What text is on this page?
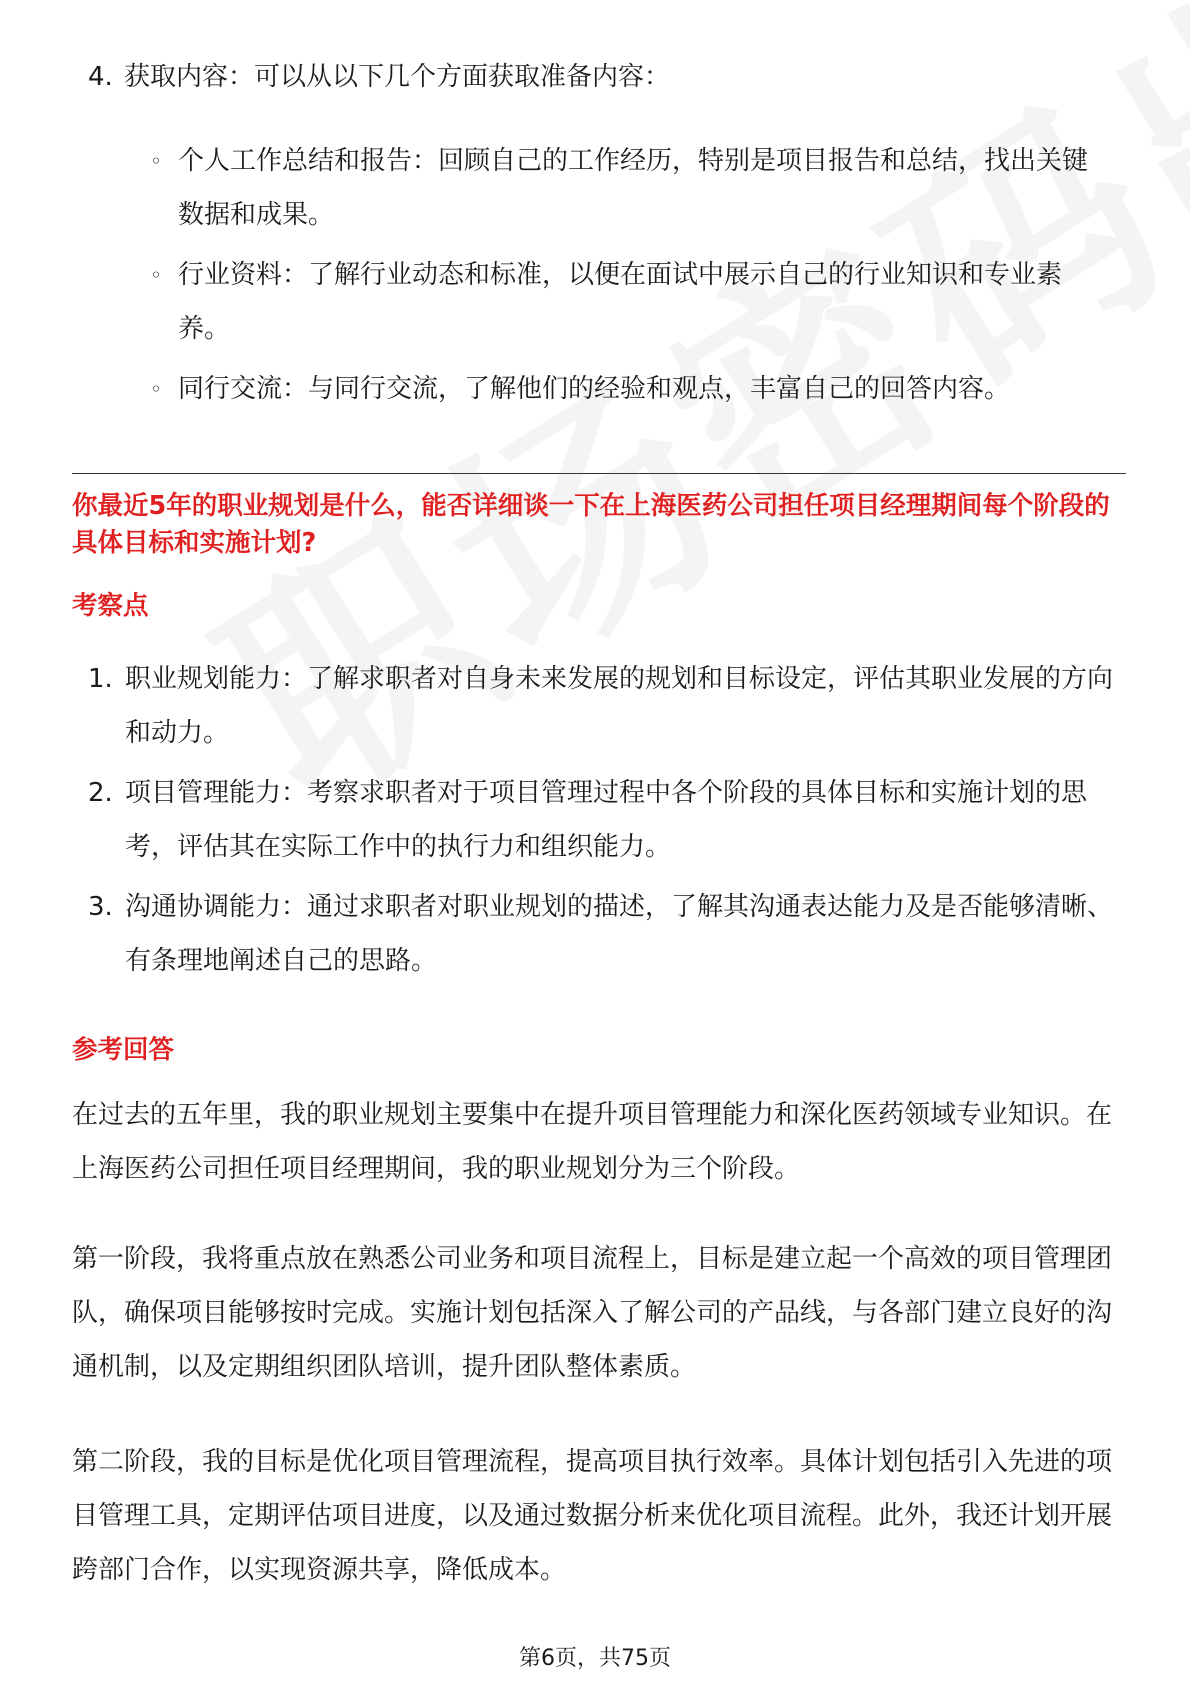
4. 获取内容：可以从以下几个方面获取准备内容：
◦ 个人工作总结和报告：回顾自己的工作经历，特别是项目报告和总结，找出关键数据和成果。
◦ 行业资料：了解行业动态和标准，以便在面试中展示自己的行业知识和专业素养。
◦ 同行交流：与同行交流，了解他们的经验和观点，丰富自己的回答内容。

你最近5年的职业规划是什么，能否详细谈一下在上海医药公司担任项目经理期间每个阶段的具体目标和实施计划?

考察点

1. 职业规划能力：了解求职者对自身未来发展的规划和目标设定，评估其职业发展的方向和动力。
2. 项目管理能力：考察求职者对于项目管理过程中各个阶段的具体目标和实施计划的思考，评估其在实际工作中的执行力和组织能力。
3. 沟通协调能力：通过求职者对职业规划的描述，了解其沟通表达能力及是否能够清晰、有条理地阐述自己的思路。

参考回答

在过去的五年里，我的职业规划主要集中在提升项目管理能力和深化医药领域专业知识。在上海医药公司担任项目经理期间，我的职业规划分为三个阶段。

第一阶段，我将重点放在熟悉公司业务和项目流程上，目标是建立起一个高效的项目管理团队，确保项目能够按时完成。实施计划包括深入了解公司的产品线，与各部门建立良好的沟通机制，以及定期组织团队培训，提升团队整体素质。

第二阶段，我的目标是优化项目管理流程，提高项目执行效率。具体计划包括引入先进的项目管理工具，定期评估项目进度，以及通过数据分析来优化项目流程。此外，我还计划开展跨部门合作，以实现资源共享，降低成本。

第6页，共75页
